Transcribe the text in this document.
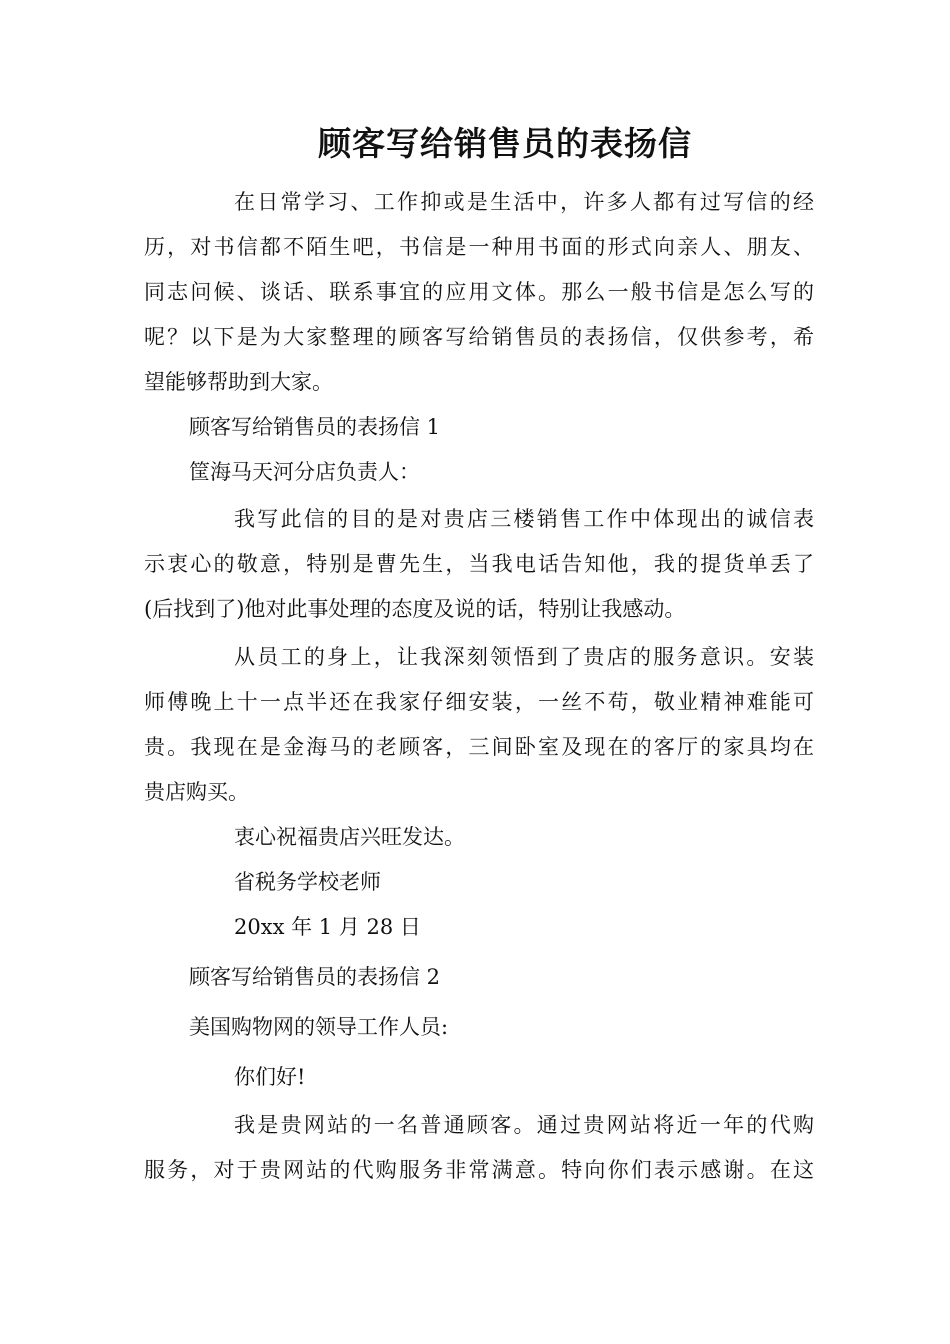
顾客写给销售员的表扬信

在日常学习、工作抑或是生活中，许多人都有过写信的经

历，对书信都不陌生吧，书信是一种用书面的形式向亲人、朋友、

同志问候、谈话、联系事宜的应用文体。那么一般书信是怎么写的

呢？以下是为大家整理的顾客写给销售员的表扬信，仅供参考，希

望能够帮助到大家。

顾客写给销售员的表扬信 1

筐海马天河分店负责人：

我写此信的目的是对贵店三楼销售工作中体现出的诚信表

示衷心的敬意，特别是曹先生，当我电话告知他，我的提货单丢了

(后找到了)他对此事处理的态度及说的话，特别让我感动。

从员工的身上，让我深刻领悟到了贵店的服务意识。安装

师傅晚上十一点半还在我家仔细安装，一丝不苟，敬业精神难能可

贵。我现在是金海马的老顾客，三间卧室及现在的客厅的家具均在

贵店购买。

衷心祝福贵店兴旺发达。

省税务学校老师

20xx 年 1 月 28 日

顾客写给销售员的表扬信 2

美国购物网的领导工作人员:

你们好!

我是贵网站的一名普通顾客。通过贵网站将近一年的代购

服务，对于贵网站的代购服务非常满意。特向你们表示感谢。在这
